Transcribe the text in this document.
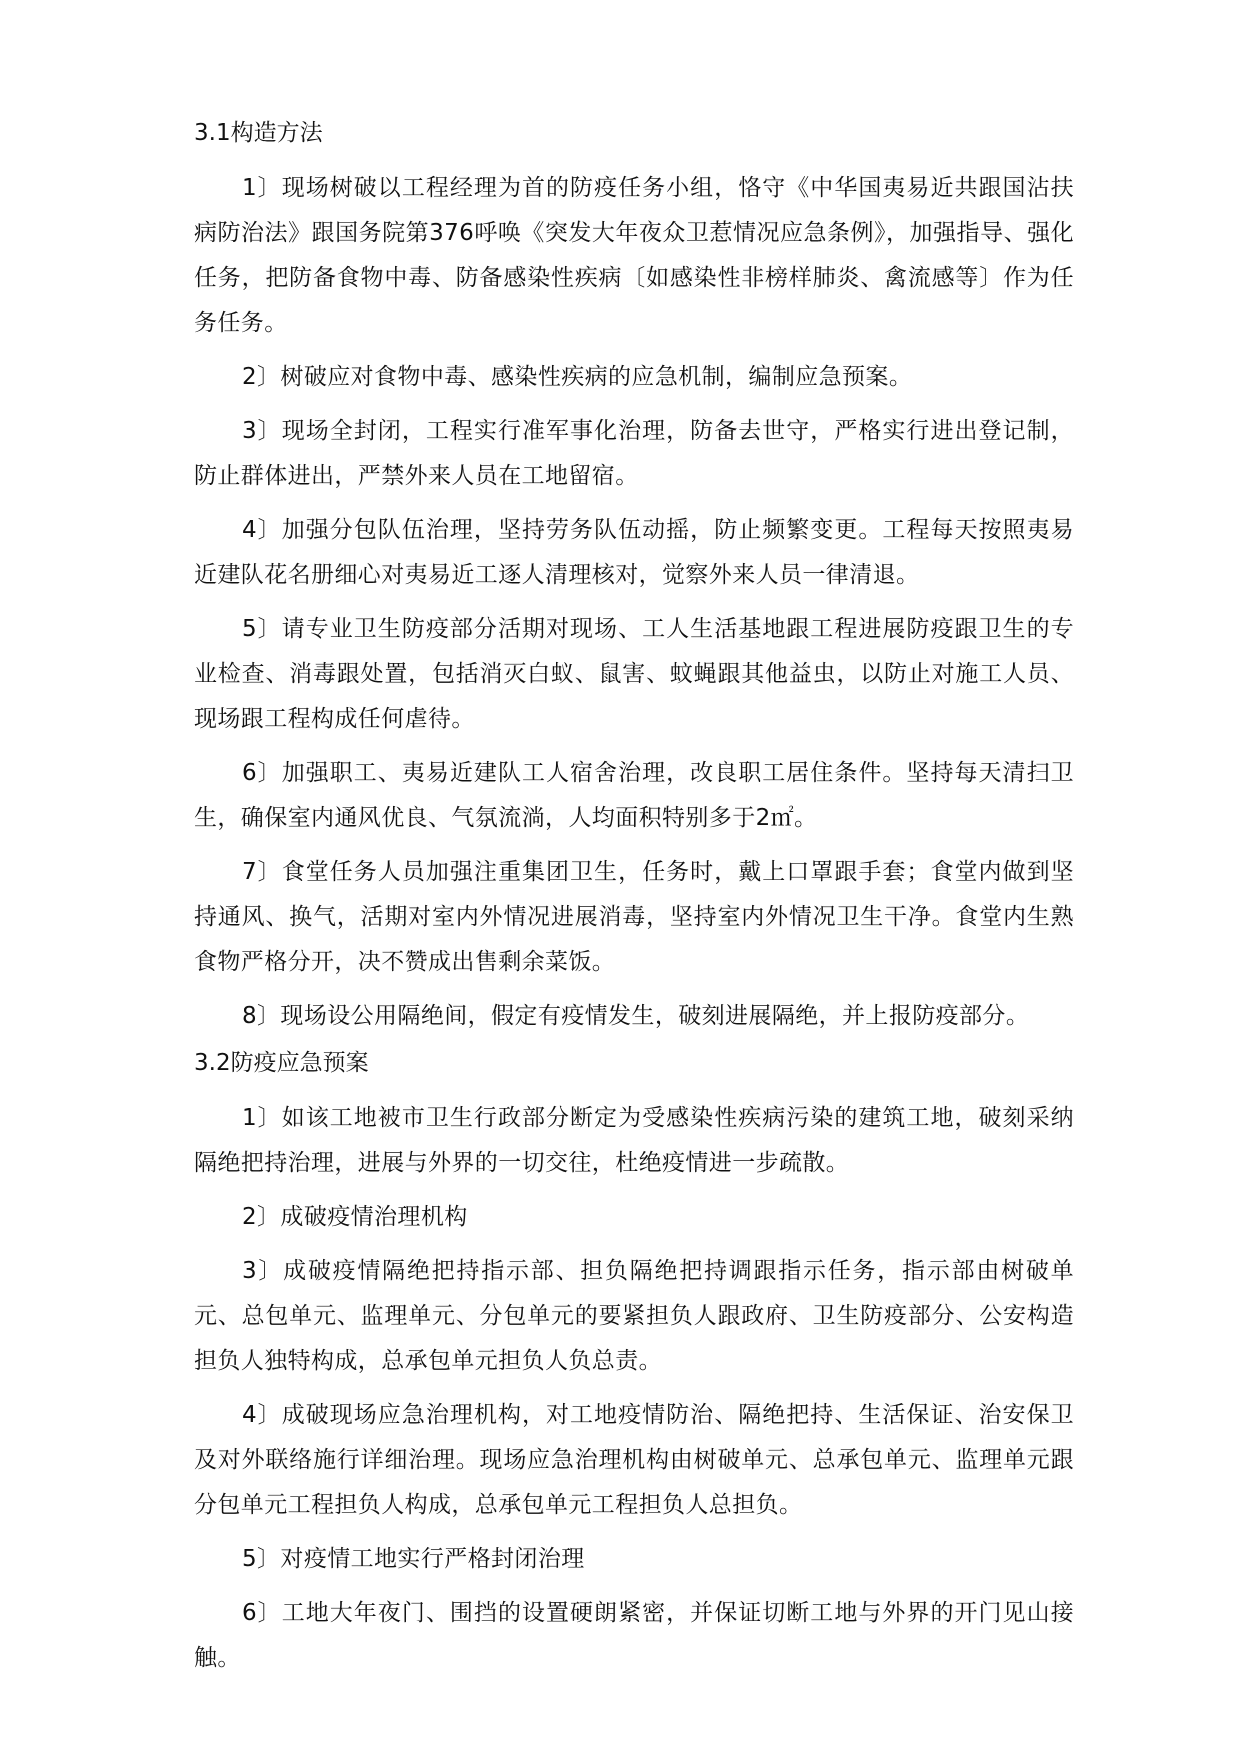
3.1构造方法

1〕现场树破以工程经理为首的防疫任务小组，恪守《中华国夷易近共跟国沾扶病防治法》跟国务院第376呼唤《突发大年夜众卫惹情况应急条例》，加强指导、强化任务，把防备食物中毒、防备感染性疾病〔如感染性非榜样肺炎、禽流感等〕作为任务任务。

2〕树破应对食物中毒、感染性疾病的应急机制，编制应急预案。

3〕现场全封闭，工程实行准军事化治理，防备去世守，严格实行进出登记制，防止群体进出，严禁外来人员在工地留宿。

4〕加强分包队伍治理，坚持劳务队伍动摇，防止频繁变更。工程每天按照夷易近建队花名册细心对夷易近工逐人清理核对，觉察外来人员一律清退。

5〕请专业卫生防疫部分活期对现场、工人生活基地跟工程进展防疫跟卫生的专业检查、消毒跟处置，包括消灭白蚁、鼠害、蚊蝇跟其他益虫，以防止对施工人员、现场跟工程构成任何虐待。

6〕加强职工、夷易近建队工人宿舍治理，改良职工居住条件。坚持每天清扫卫生，确保室内通风优良、气氛流淌，人均面积特别多于2㎡。

7〕食堂任务人员加强注重集团卫生，任务时，戴上口罩跟手套；食堂内做到坚持通风、换气，活期对室内外情况进展消毒，坚持室内外情况卫生干净。食堂内生熟食物严格分开，决不赞成出售剩余菜饭。

8〕现场设公用隔绝间，假定有疫情发生，破刻进展隔绝，并上报防疫部分。

3.2防疫应急预案

1〕如该工地被市卫生行政部分断定为受感染性疾病污染的建筑工地，破刻采纳隔绝把持治理，进展与外界的一切交往，杜绝疫情进一步疏散。

2〕成破疫情治理机构

3〕成破疫情隔绝把持指示部、担负隔绝把持调跟指示任务，指示部由树破单元、总包单元、监理单元、分包单元的要紧担负人跟政府、卫生防疫部分、公安构造担负人独特构成，总承包单元担负人负总责。

4〕成破现场应急治理机构，对工地疫情防治、隔绝把持、生活保证、治安保卫及对外联络施行详细治理。现场应急治理机构由树破单元、总承包单元、监理单元跟分包单元工程担负人构成，总承包单元工程担负人总担负。

5〕对疫情工地实行严格封闭治理

6〕工地大年夜门、围挡的设置硬朗紧密，并保证切断工地与外界的开门见山接触。
